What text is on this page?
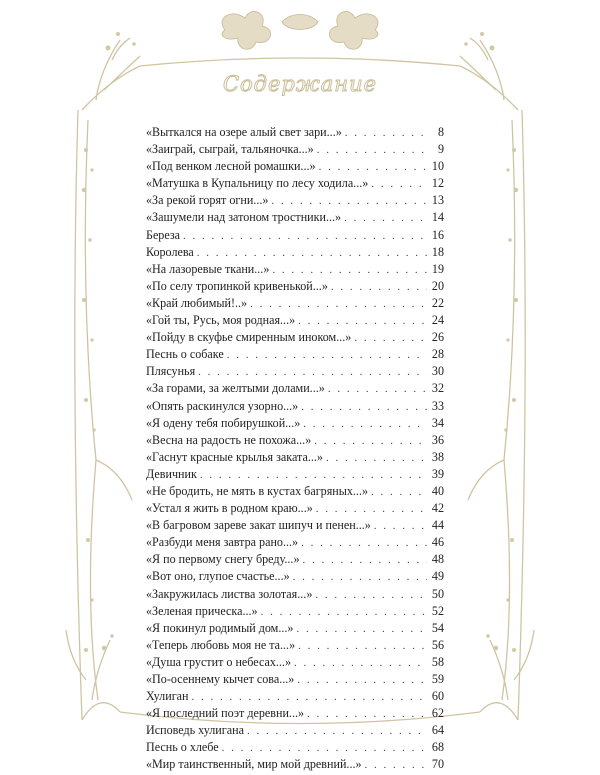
Содержание
«Выткался на озере алый свет зари...» . . .	8
«Заиграй, сыграй, тальяночка...» . . .	9
«Под венком лесной ромашки...» . . .	10
«Матушка в Купальницу по лесу ходила...» . . .	12
«За рекой горят огни...» . . .	13
«Зашумели над затоном тростники...» . . .	14
Береза . . .	16
Королева . . .	18
«На лазоревые ткани...» . . .	19
«По селу тропинкой кривенькой...» . . .	20
«Край любимый!..» . . .	22
«Гой ты, Русь, моя родная...» . . .	24
«Пойду в скуфье смиренным иноком...» . . .	26
Песнь о собаке . . .	28
Плясунья . . .	30
«За горами, за желтыми долами...» . . .	32
«Опять раскинулся узорно...» . . .	33
«Я одену тебя побирушкой...» . . .	34
«Весна на радость не похожа...» . . .	36
«Гаснут красные крылья заката...» . . .	38
Девичник . . .	39
«Не бродить, не мять в кустах багряных...» . . .	40
«Устал я жить в родном краю...» . . .	42
«В багровом зареве закат шипуч и пенен...» . . .	44
«Разбуди меня завтра рано...» . . .	46
«Я по первому снегу бреду...» . . .	48
«Вот оно, глупое счастье...» . . .	49
«Закружилась листва золотая...» . . .	50
«Зеленая прическа...» . . .	52
«Я покинул родимый дом...» . . .	54
«Теперь любовь моя не та...» . . .	56
«Душа грустит о небесах...» . . .	58
«По-осеннему кычет сова...» . . .	59
Хулиган . . .	60
«Я последний поэт деревни...» . . .	62
Исповедь хулигана . . .	64
Песнь о хлебе . . .	68
«Мир таинственный, мир мой древний...» . . .	70
